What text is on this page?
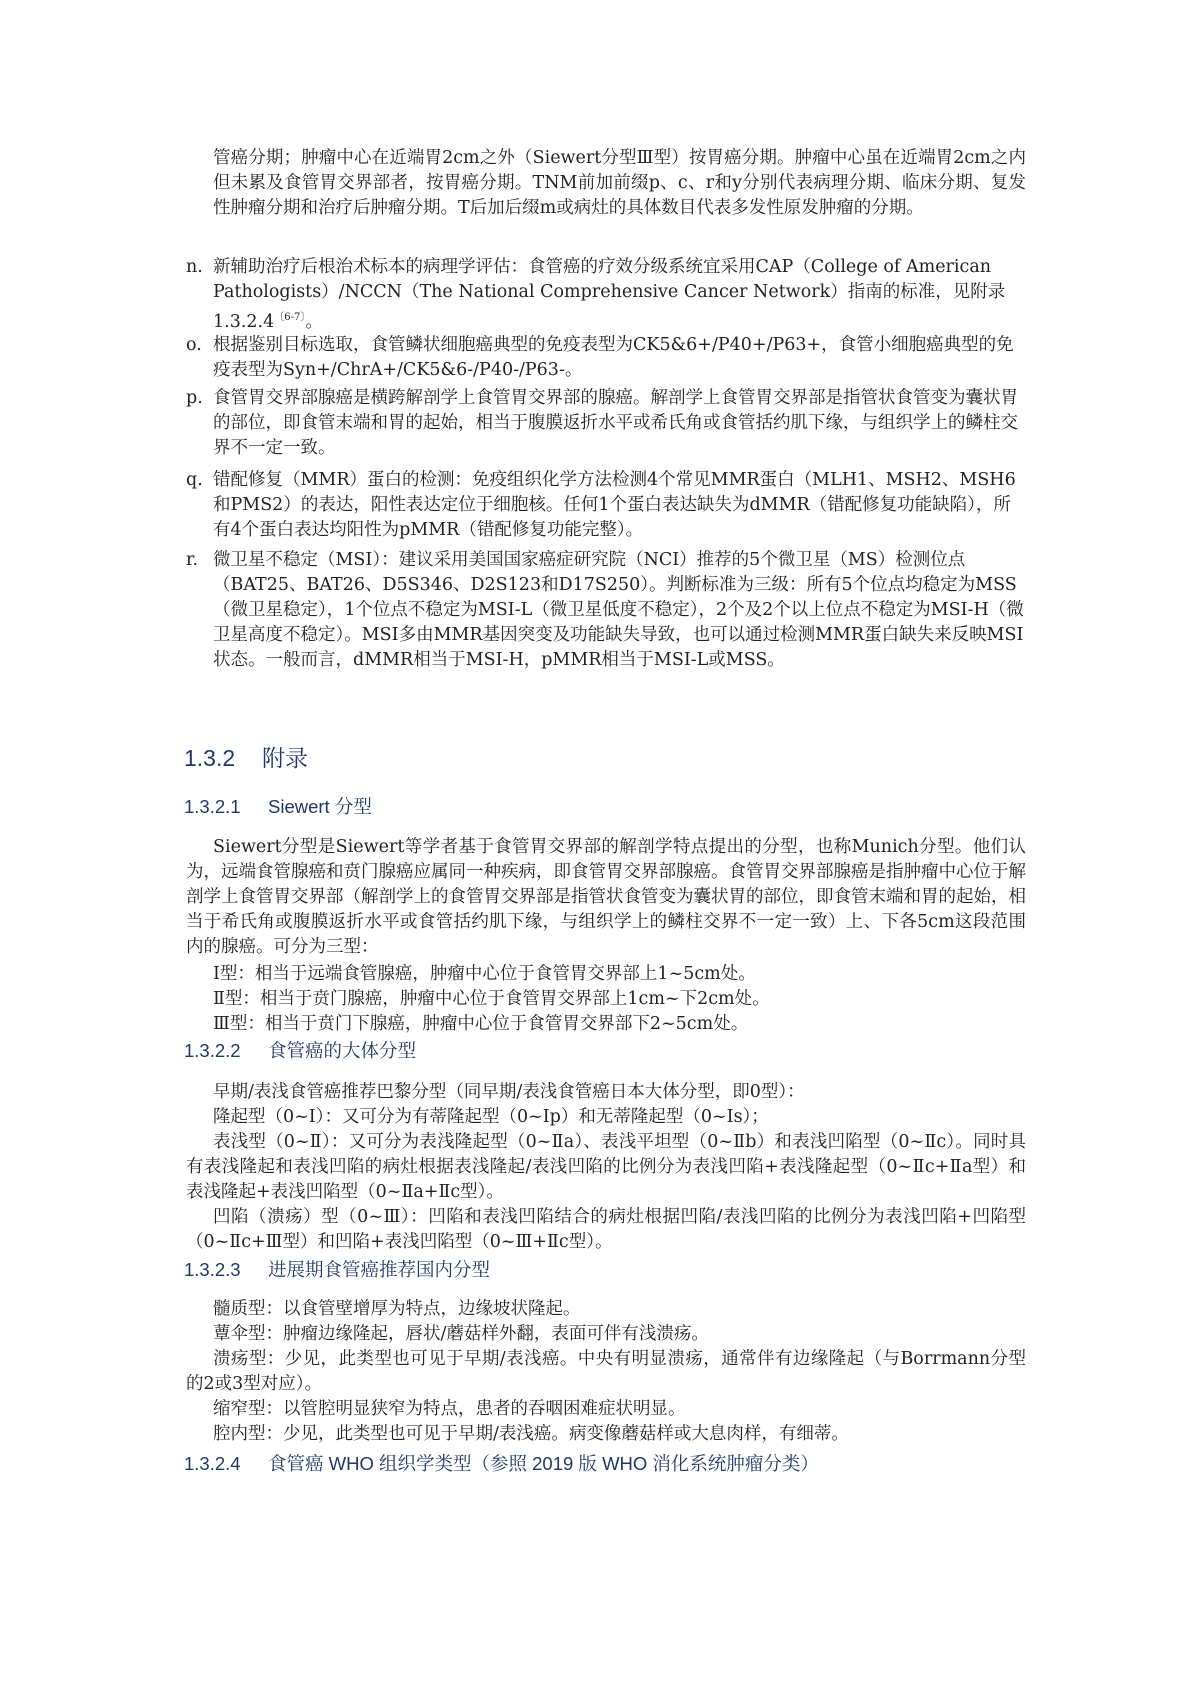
管癌分期；肿瘤中心在近端胃2cm之外（Siewert分型Ⅲ型）按胃癌分期。肿瘤中心虽在近端胃2cm之内但未累及食管胃交界部者，按胃癌分期。TNM前加前缀p、c、r和y分别代表病理分期、临床分期、复发性肿瘤分期和治疗后肿瘤分期。T后加后缀m或病灶的具体数目代表多发性原发肿瘤的分期。
n. 新辅助治疗后根治术标本的病理学评估：食管癌的疗效分级系统宜采用CAP（College of American Pathologists）/NCCN（The National Comprehensive Cancer Network）指南的标准，见附录$1.3.2.4^{〔6-7〕}$。
o. 根据鉴别目标选取，食管鳞状细胞癌典型的免疫表型为CK5&6+/P40+/P63+，食管小细胞癌典型的免疫表型为Syn+/ChrA+/CK5&6-/P40-/P63-。
p. 食管胃交界部腺癌是横跨解剖学上食管胃交界部的腺癌。解剖学上食管胃交界部是指管状食管变为囊状胃的部位，即食管末端和胃的起始，相当于腹膜返折水平或希氏角或食管括约肌下缘，与组织学上的鳞柱交界不一定一致。
q. 错配修复（MMR）蛋白的检测：免疫组织化学方法检测4个常见MMR蛋白（MLH1、MSH2、MSH6和PMS2）的表达，阳性表达定位于细胞核。任何1个蛋白表达缺失为dMMR（错配修复功能缺陷），所有4个蛋白表达均阳性为pMMR（错配修复功能完整）。
r. 微卫星不稳定（MSI）：建议采用美国国家癌症研究院（NCI）推荐的5个微卫星（MS）检测位点（BAT25、BAT26、D5S346、D2S123和D17S250）。判断标准为三级：所有5个位点均稳定为MSS（微卫星稳定），1个位点不稳定为MSI-L（微卫星低度不稳定），2个及2个以上位点不稳定为MSI-H（微卫星高度不稳定）。MSI多由MMR基因突变及功能缺失导致，也可以通过检测MMR蛋白缺失来反映MSI状态。一般而言，dMMR相当于MSI-H，pMMR相当于MSI-L或MSS。
1.3.2 附录
1.3.2.1 Siewert 分型
Siewert分型是Siewert等学者基于食管胃交界部的解剖学特点提出的分型，也称Munich分型。他们认为，远端食管腺癌和贲门腺癌应属同一种疾病，即食管胃交界部腺癌。食管胃交界部腺癌是指肿瘤中心位于解剖学上食管胃交界部（解剖学上的食管胃交界部是指管状食管变为囊状胃的部位，即食管末端和胃的起始，相当于希氏角或腹膜返折水平或食管括约肌下缘，与组织学上的鳞柱交界不一定一致）上、下各5cm这段范围内的腺癌。可分为三型：
Ⅰ型：相当于远端食管腺癌，肿瘤中心位于食管胃交界部上1~5cm处。
Ⅱ型：相当于贲门腺癌，肿瘤中心位于食管胃交界部上1cm~下2cm处。
Ⅲ型：相当于贲门下腺癌，肿瘤中心位于食管胃交界部下2~5cm处。
1.3.2.2 食管癌的大体分型
早期/表浅食管癌推荐巴黎分型（同早期/表浅食管癌日本大体分型，即0型）：
隆起型（0~Ⅰ）：又可分为有蒂隆起型（0~Ⅰp）和无蒂隆起型（0~Ⅰs）；
表浅型（0~Ⅱ）：又可分为表浅隆起型（0~Ⅱa）、表浅平坦型（0~Ⅱb）和表浅凹陷型（0~Ⅱc）。同时具有表浅隆起和表浅凹陷的病灶根据表浅隆起/表浅凹陷的比例分为表浅凹陷+表浅隆起型（0~Ⅱc+Ⅱa型）和表浅隆起+表浅凹陷型（0~Ⅱa+Ⅱc型）。
凹陷（溃疡）型（0~Ⅲ）：凹陷和表浅凹陷结合的病灶根据凹陷/表浅凹陷的比例分为表浅凹陷+凹陷型（0~Ⅱc+Ⅲ型）和凹陷+表浅凹陷型（0~Ⅲ+Ⅱc型）。
1.3.2.3 进展期食管癌推荐国内分型
髓质型：以食管壁增厚为特点，边缘坡状隆起。
蕈伞型：肿瘤边缘隆起，唇状/蘑菇样外翻，表面可伴有浅溃疡。
溃疡型：少见，此类型也可见于早期/表浅癌。中央有明显溃疡，通常伴有边缘隆起（与Borrmann分型的2或3型对应）。
缩窄型：以管腔明显狭窄为特点，患者的吞咽困难症状明显。
腔内型：少见，此类型也可见于早期/表浅癌。病变像蘑菇样或大息肉样，有细蒂。
1.3.2.4 食管癌 WHO 组织学类型（参照 2019 版 WHO 消化系统肿瘤分类）
